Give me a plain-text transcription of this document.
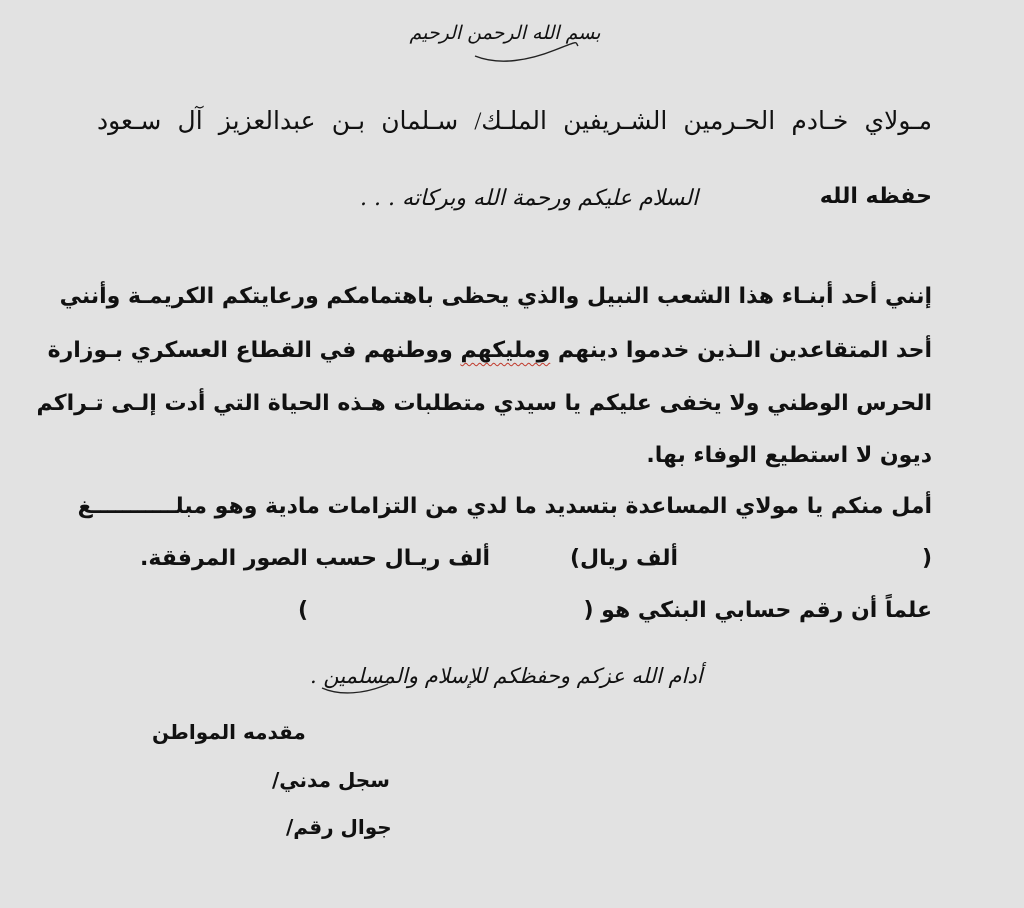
بسم الله الرحمن الرحيم
مـولاي خـادم الحـرمين الشـريفين الملـك/ سـلمان بـن عبدالعزيز آل سـعود
حفظه الله
السلام عليكم ورحمة الله وبركاته . . .
إنني أحد أبنـاء هذا الشعب النبيل والذي يحظى باهتمامكم ورعايتكم الكريمـة وأنني
أحد المتقاعدين الـذين خدموا دينهم ومليكهم ووطنهم في القطاع العسكري بـوزارة
الحرس الوطني ولا يخفى عليكم يا سيدي متطلبات هـذه الحياة التي أدت إلـى تـراكم
ديون لا استطيع الوفاء بها.
أمل منكم يا مولاي المساعدة بتسديد ما لدي من التزامات مادية وهو مبلـــــــــــغ
(
ألف ريال)
ألف ريـال حسب الصور المرفقة.
علماً أن رقم حسابي البنكي هو (
)
أدام الله عزكم وحفظكم للإسلام والمسلمين .
مقدمه المواطن
سجل مدني/
جوال رقم/
